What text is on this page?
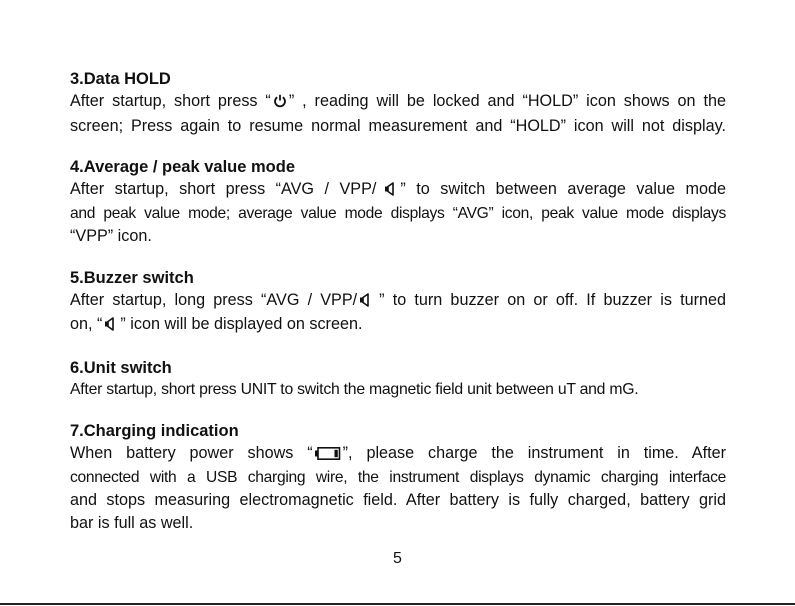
3.Data HOLD

After startup, short press “ ” , reading will be locked and “HOLD” icon shows on the

screen; Press again to resume normal measurement and “HOLD” icon will not display.

4.Average / peak value mode

After startup, short press “AVG / VPP/ ” to switch between average value mode

and peak value mode; average value mode displays “AVG” icon, peak value mode displays

“VPP” icon.

5.Buzzer switch

After startup, long press “AVG / VPP/ ” to turn buzzer on or off. If buzzer is turned

on, “ ” icon will be displayed on screen.

6.Unit switch

After startup, short press UNIT to switch the magnetic field unit between uT and mG.

7.Charging indication

When battery power shows “ ”, please charge the instrument in time. After

connected with a USB charging wire, the instrument displays dynamic charging interface

and stops measuring electromagnetic field. After battery is fully charged, battery grid

bar is full as well.

5
